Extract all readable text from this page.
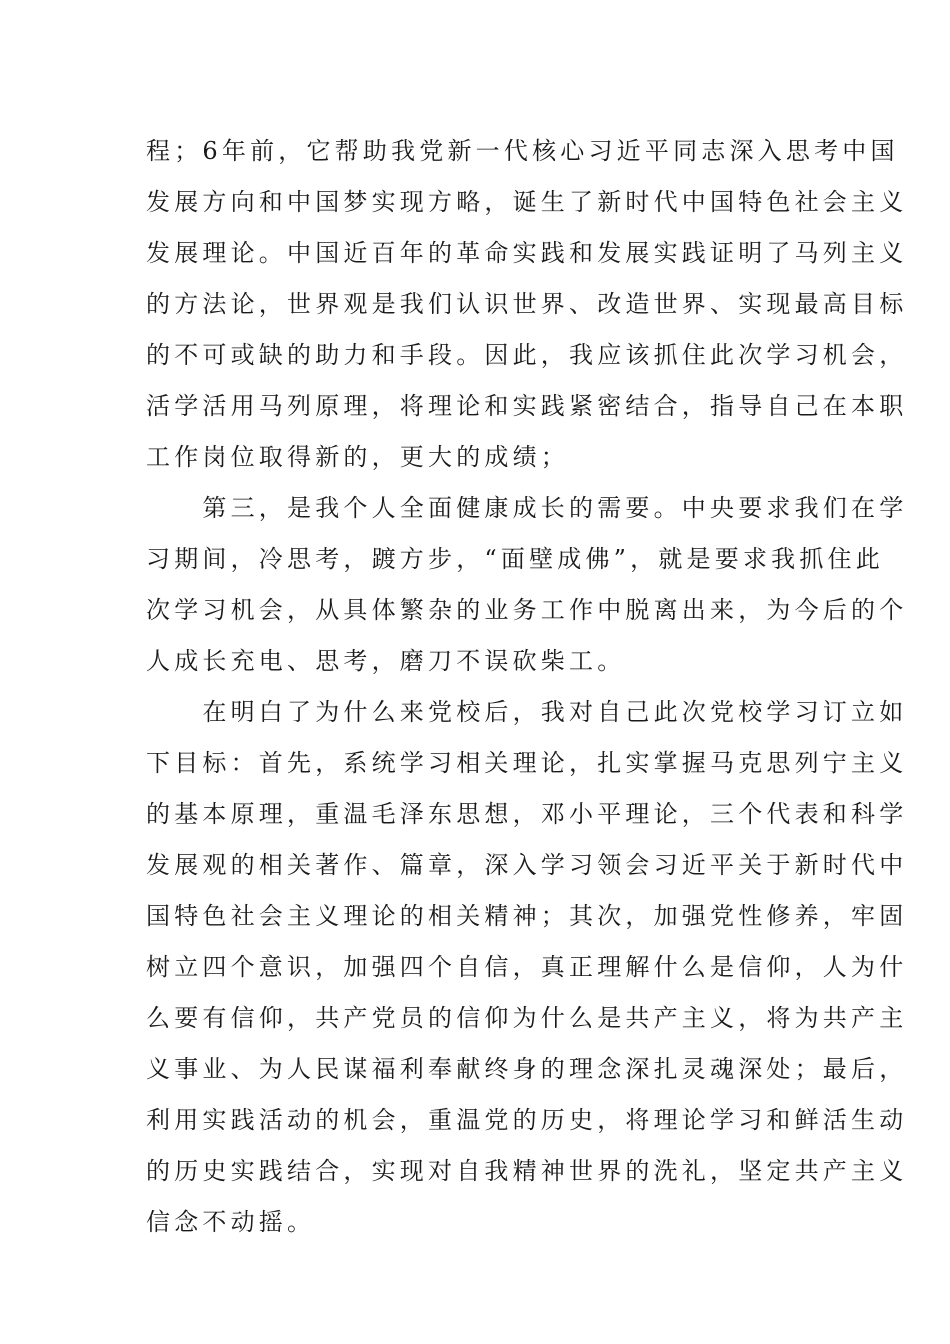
程；6年前，它帮助我党新一代核心习近平同志深入思考中国
发展方向和中国梦实现方略，诞生了新时代中国特色社会主义
发展理论。中国近百年的革命实践和发展实践证明了马列主义
的方法论，世界观是我们认识世界、改造世界、实现最高目标
的不可或缺的助力和手段。因此，我应该抓住此次学习机会，
活学活用马列原理，将理论和实践紧密结合，指导自己在本职
工作岗位取得新的，更大的成绩；
　　第三，是我个人全面健康成长的需要。中央要求我们在学
习期间，冷思考，踱方步，“面壁成佛”，就是要求我抓住此
次学习机会，从具体繁杂的业务工作中脱离出来，为今后的个
人成长充电、思考，磨刀不误砍柴工。
　　在明白了为什么来党校后，我对自己此次党校学习订立如
下目标：首先，系统学习相关理论，扎实掌握马克思列宁主义
的基本原理，重温毛泽东思想，邓小平理论，三个代表和科学
发展观的相关著作、篇章，深入学习领会习近平关于新时代中
国特色社会主义理论的相关精神；其次，加强党性修养，牢固
树立四个意识，加强四个自信，真正理解什么是信仰，人为什
么要有信仰，共产党员的信仰为什么是共产主义，将为共产主
义事业、为人民谋福利奉献终身的理念深扎灵魂深处；最后，
利用实践活动的机会，重温党的历史，将理论学习和鲜活生动
的历史实践结合，实现对自我精神世界的洗礼，坚定共产主义
信念不动摇。
